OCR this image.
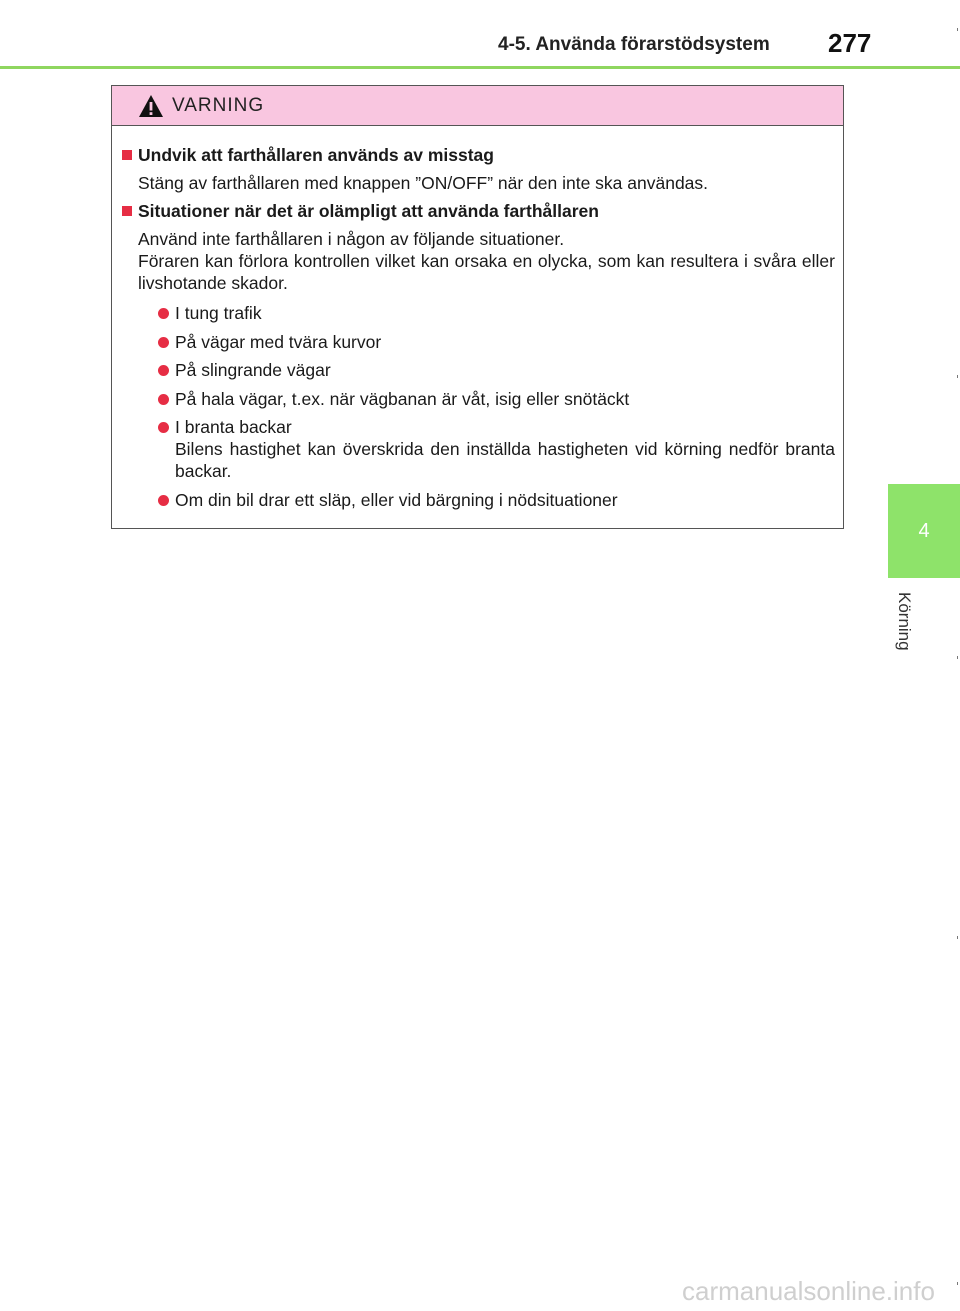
4-5. Använda förarstödsystem 277
4
Körning
VARNING
Undvik att farthållaren används av misstag

Stäng av farthållaren med knappen ”ON/OFF” när den inte ska användas.

Situationer när det är olämpligt att använda farthållaren

Använd inte farthållaren i någon av följande situationer.

Föraren kan förlora kontrollen vilket kan orsaka en olycka, som kan resultera i svåra eller livshotande skador.

I tung trafik

På vägar med tvära kurvor

På slingrande vägar

På hala vägar, t.ex. när vägbanan är våt, isig eller snötäckt

I branta backar

Bilens hastighet kan överskrida den inställda hastigheten vid körning nedför branta backar.

Om din bil drar ett släp, eller vid bärgning i nödsituationer

carmanualsonline.info
